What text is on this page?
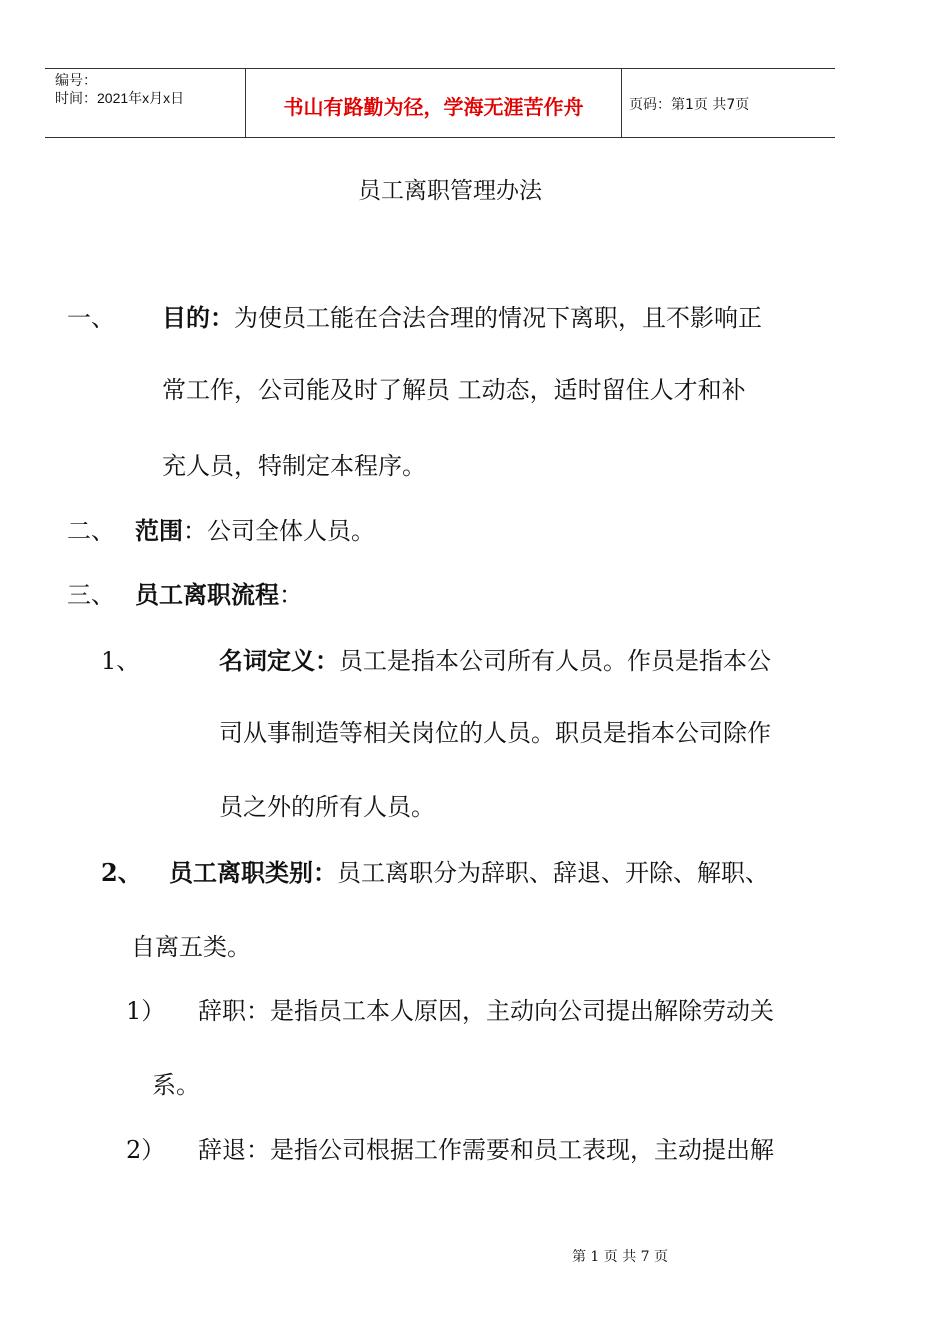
编号：
时间：2021年x月x日	书山有路勤为径，学海无涯苦作舟	页码：第1页 共7页
员工离职管理办法
一、 目的：为使员工能在合法合理的情况下离职，且不影响正
常工作，公司能及时了解员 工动态，适时留住人才和补
充人员，特制定本程序。
二、 范围：公司全体人员。
三、 员工离职流程：
1、	名词定义：员工是指本公司所有人员。作员是指本公
司从事制造等相关岗位的人员。职员是指本公司除作
员之外的所有人员。
2、 员工离职类别：员工离职分为辞职、辞退、开除、解职、
自离五类。
1） 辞职：是指员工本人原因，主动向公司提出解除劳动关
系。
2） 辞退：是指公司根据工作需要和员工表现，主动提出解
第 1 页 共 7 页
